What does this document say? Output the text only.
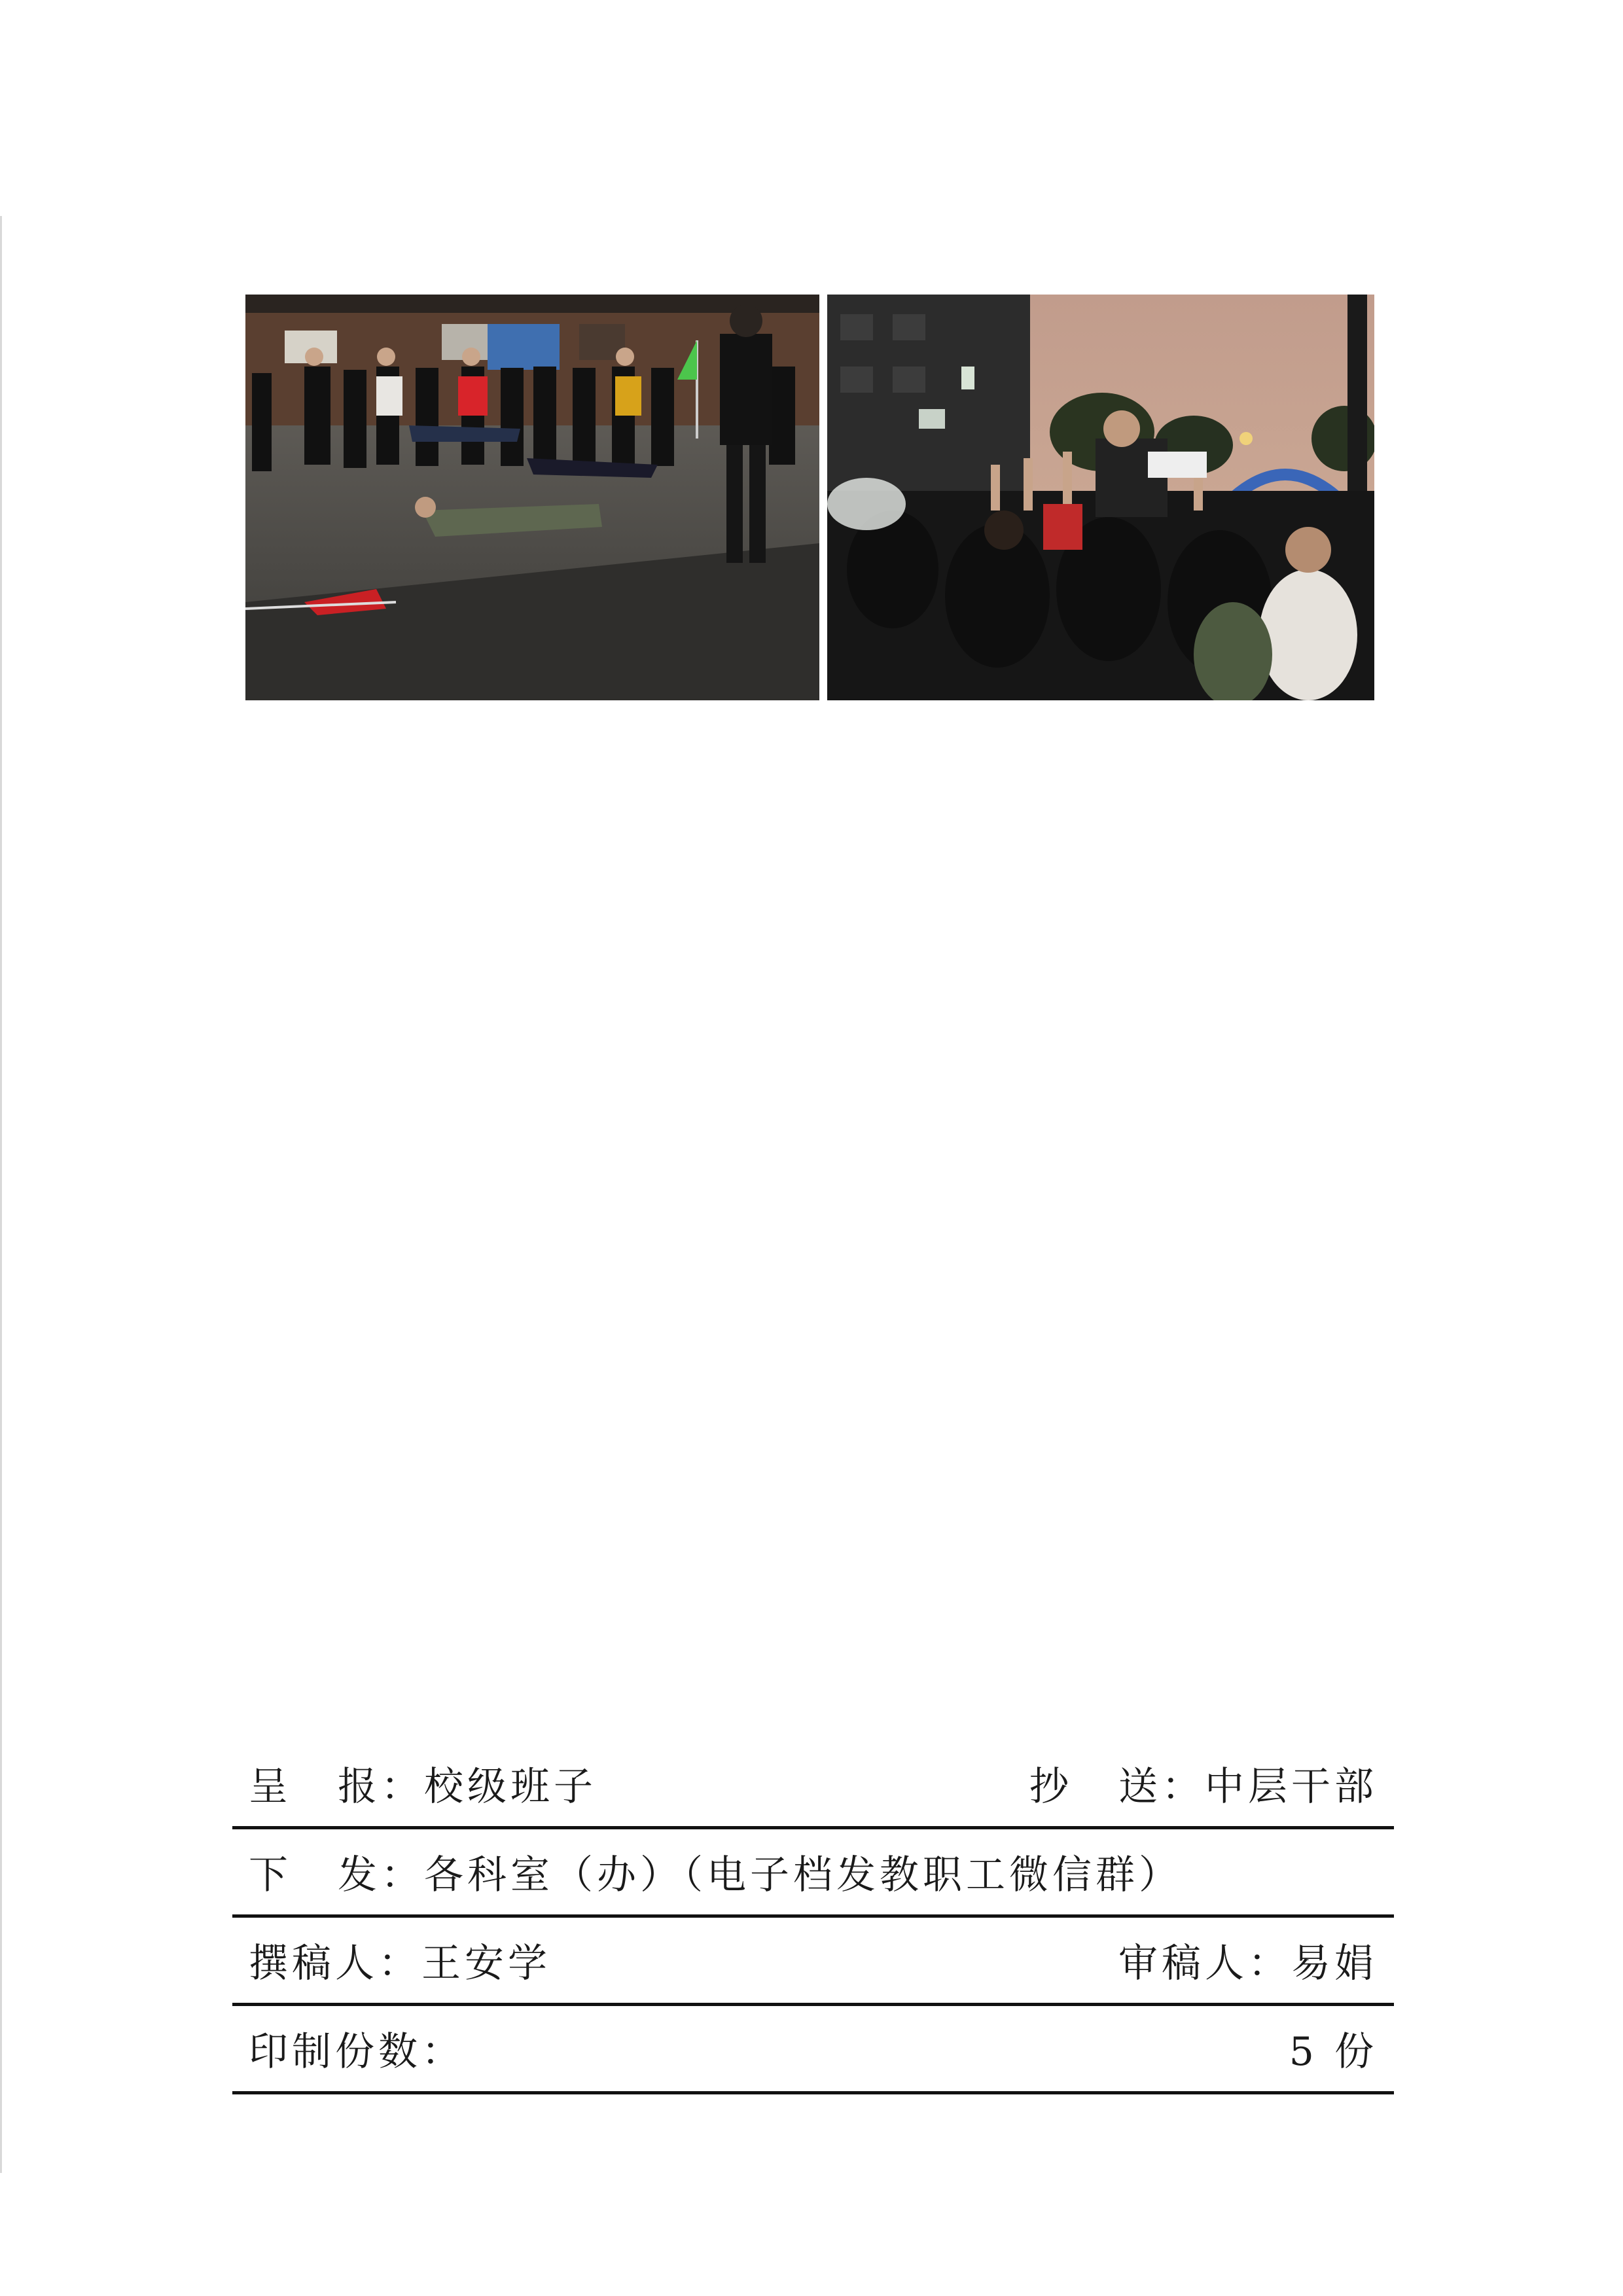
呈 报：校级班子	抄 送：中层干部
下 发：各科室（办）（电子档发教职工微信群）
撰稿人：王安学	审稿人：易娟
印制份数：	5 份
